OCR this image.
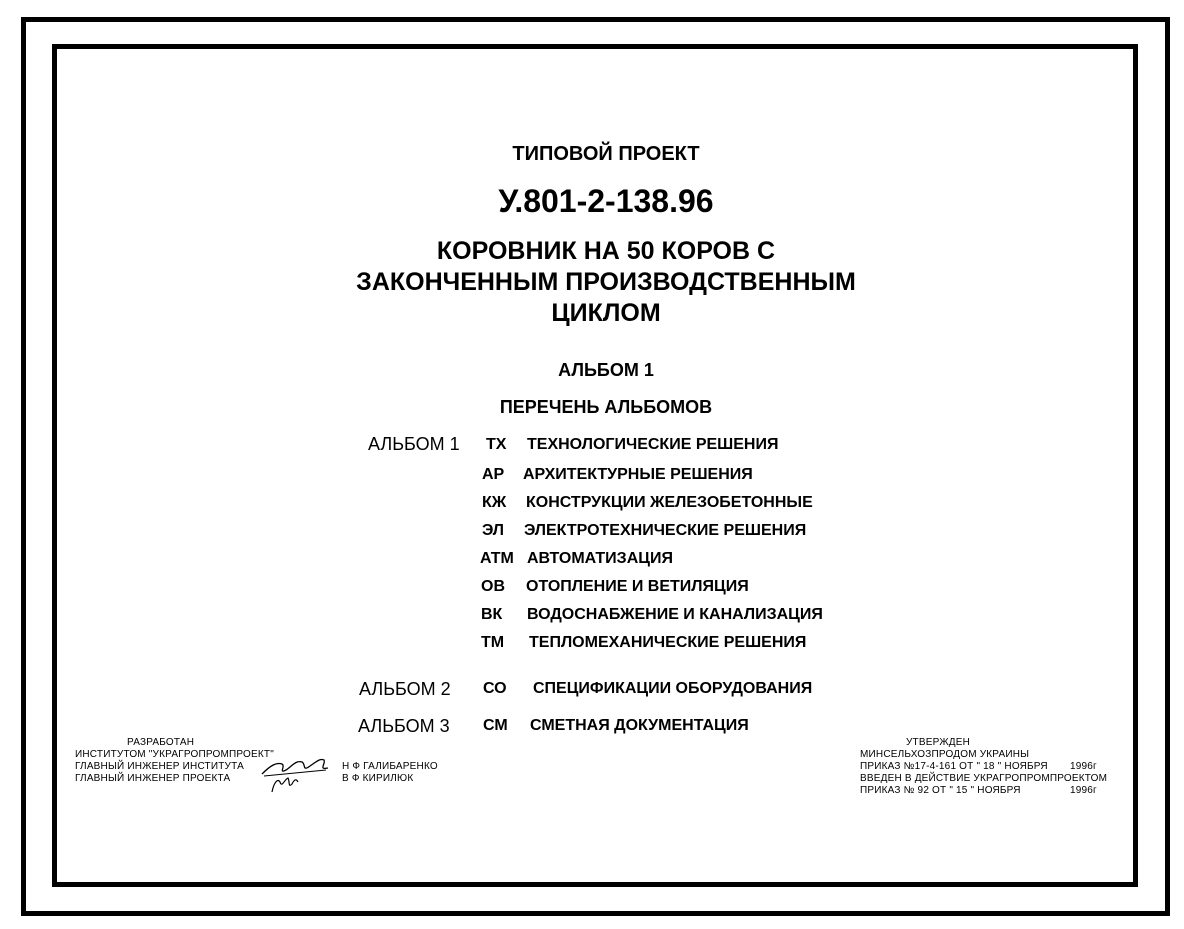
ТИПОВОЙ ПРОЕКТ
У.801-2-138.96
КОРОВНИК НА 50 КОРОВ С
ЗАКОНЧЕННЫМ ПРОИЗВОДСТВЕННЫМ
ЦИКЛОМ
АЛЬБОМ 1
ПЕРЕЧЕНЬ АЛЬБОМОВ
АЛЬБОМ 1 ТХ ТЕХНОЛОГИЧЕСКИЕ РЕШЕНИЯ
АР АРХИТЕКТУРНЫЕ РЕШЕНИЯ
КЖ КОНСТРУКЦИИ ЖЕЛЕЗОБЕТОННЫЕ
ЭЛ ЭЛЕКТРОТЕХНИЧЕСКИЕ РЕШЕНИЯ
АТМ АВТОМАТИЗАЦИЯ
ОВ ОТОПЛЕНИЕ И ВЕТИЛЯЦИЯ
ВК ВОДОСНАБЖЕНИЕ И КАНАЛИЗАЦИЯ
ТМ ТЕПЛОМЕХАНИЧЕСКИЕ РЕШЕНИЯ
АЛЬБОМ 2 СО СПЕЦИФИКАЦИИ ОБОРУДОВАНИЯ
АЛЬБОМ 3 СМ СМЕТНАЯ ДОКУМЕНТАЦИЯ
РАЗРАБОТАН
ИНСТИТУТОМ "УКРАГРОПРОМПРОЕКТ"
ГЛАВНЫЙ ИНЖЕНЕР ИНСТИТУТА
ГЛАВНЫЙ ИНЖЕНЕР ПРОЕКТА
Н Ф ГАЛИБАРЕНКО
В Ф КИРИЛЮК
УТВЕРЖДЕН
МИНСЕЛЬХОЗПРОДОМ УКРАИНЫ
ПРИКАЗ №17-4-161 ОТ " 18 " НОЯБРЯ 1996г
ВВЕДЕН В ДЕЙСТВИЕ УКРАГРОПРОМПРОЕКТОМ
ПРИКАЗ № 92 ОТ " 15 " НОЯБРЯ	1996г
